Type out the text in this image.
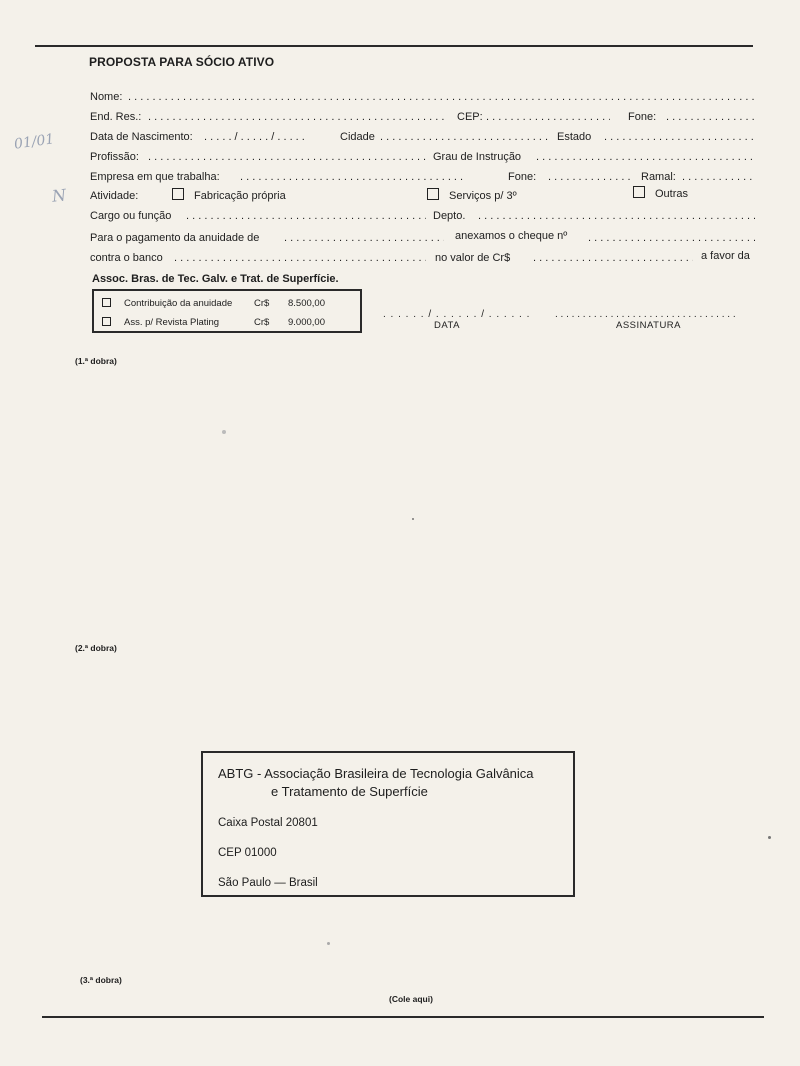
PROPOSTA PARA SÓCIO ATIVO
Nome:
. . .
End. Res.: . . .	CEP: . . .	Fone:
. . .
Data de Nascimento: . . . . . / . . . . . / . . . . .	Cidade . . .	Estado
. . .
Profissão: . . .	Grau de Instrução
. . .
Empresa em que trabalha: . . .	Fone: . . .	Ramal:
. . .
Atividade:	Fabricação própria	Serviços p/ 3º	Outras
Cargo ou função . . .	Depto.
. . .
Para o pagamento da anuidade de . . .	anexamos o cheque nº
. . .
contra o banco . . .	no valor de Cr$ . . .	a favor da
Assoc. Bras. de Tec. Galv. e Trat. de Superfície.
Contribuição da anuidade Cr$ 8.500,00
Ass. p/ Revista Plating	Cr$ 9.000,00
. . . . . . / . . . . . . / . . . . . .
DATA
. . .	ASSINATURA
(1.ª dobra)
(2.ª dobra)
(3.ª dobra)
ABTG - Associação Brasileira de Tecnologia Galvânica
e Tratamento de Superfície
Caixa Postal 20801
CEP 01000
São Paulo — Brasil
(Cole aqui)
01/01
N
